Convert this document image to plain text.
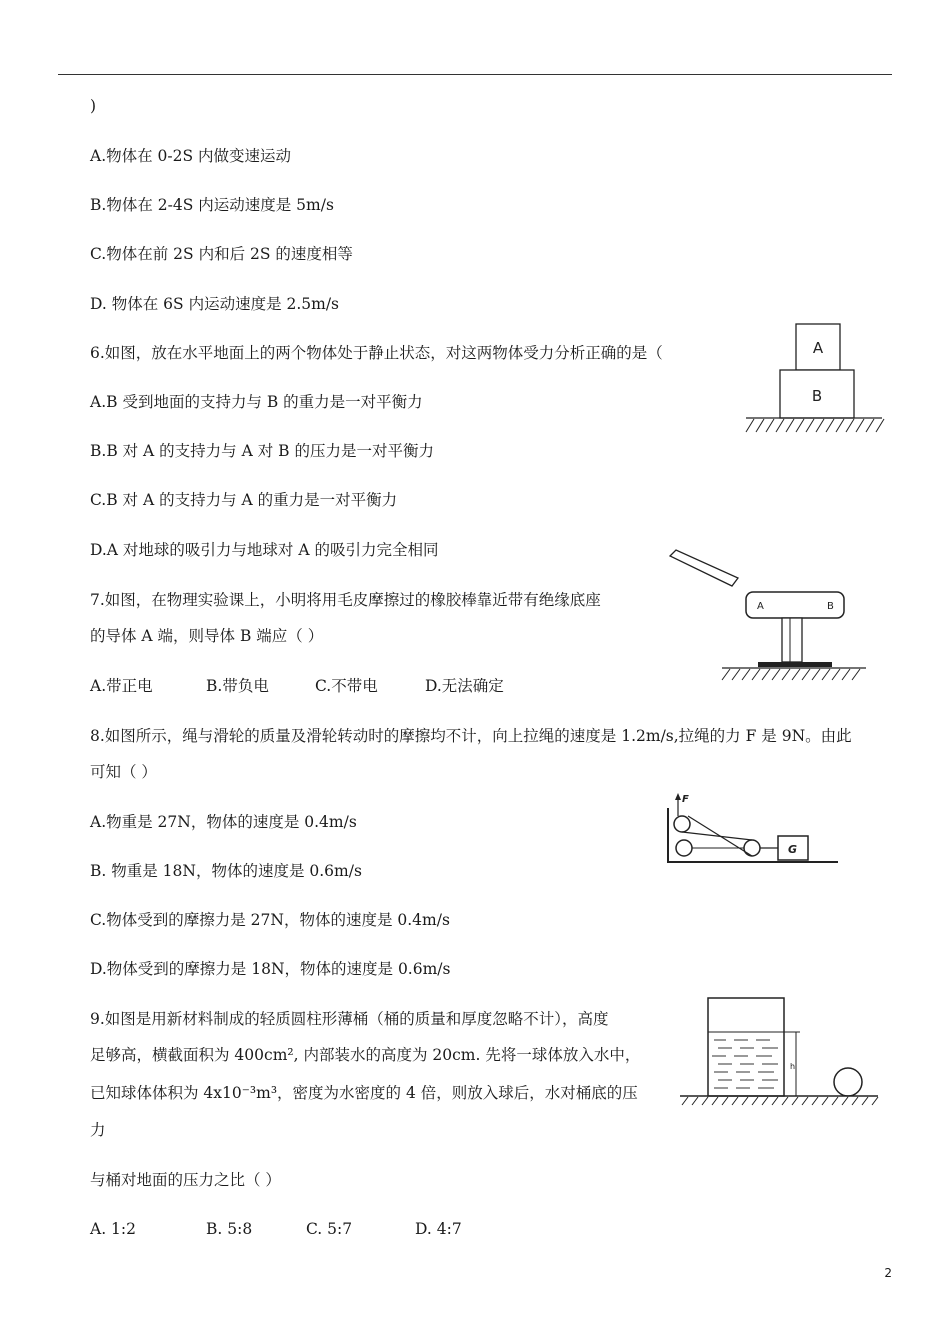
)
A.物体在 0-2S 内做变速运动
B.物体在 2-4S 内运动速度是 5m/s
C.物体在前 2S 内和后 2S 的速度相等
D. 物体在 6S 内运动速度是 2.5m/s
6.如图，放在水平地面上的两个物体处于静止状态，对这两物体受力分析正确的是（
A.B 受到地面的支持力与 B 的重力是一对平衡力
B.B 对 A 的支持力与 A 对 B 的压力是一对平衡力
C.B 对 A 的支持力与 A 的重力是一对平衡力
D.A 对地球的吸引力与地球对 A 的吸引力完全相同
A
B
7.如图，在物理实验课上，小明将用毛皮摩擦过的橡胶棒靠近带有绝缘底座
的导体 A 端，则导体 B 端应（ ）
A.带正电	B.带负电	C.不带电	D.无法确定
A	B
8.如图所示，绳与滑轮的质量及滑轮转动时的摩擦均不计，向上拉绳的速度是 1.2m/s,拉绳的力 F 是 9N。由此
可知（ ）
A.物重是 27N，物体的速度是 0.4m/s
B. 物重是 18N，物体的速度是 0.6m/s
C.物体受到的摩擦力是 27N，物体的速度是 0.4m/s
D.物体受到的摩擦力是 18N，物体的速度是 0.6m/s
F
G
9.如图是用新材料制成的轻质圆柱形薄桶（桶的质量和厚度忽略不计），高度
足够高，横截面积为 400cm², 内部装水的高度为 20cm. 先将一球体放入水中，
已知球体体积为 4x10⁻³m³，密度为水密度的 4 倍，则放入球后，水对桶底的压
力
与桶对地面的压力之比（ ）
A. 1:2	B. 5:8	C. 5:7	D. 4:7
h
2
